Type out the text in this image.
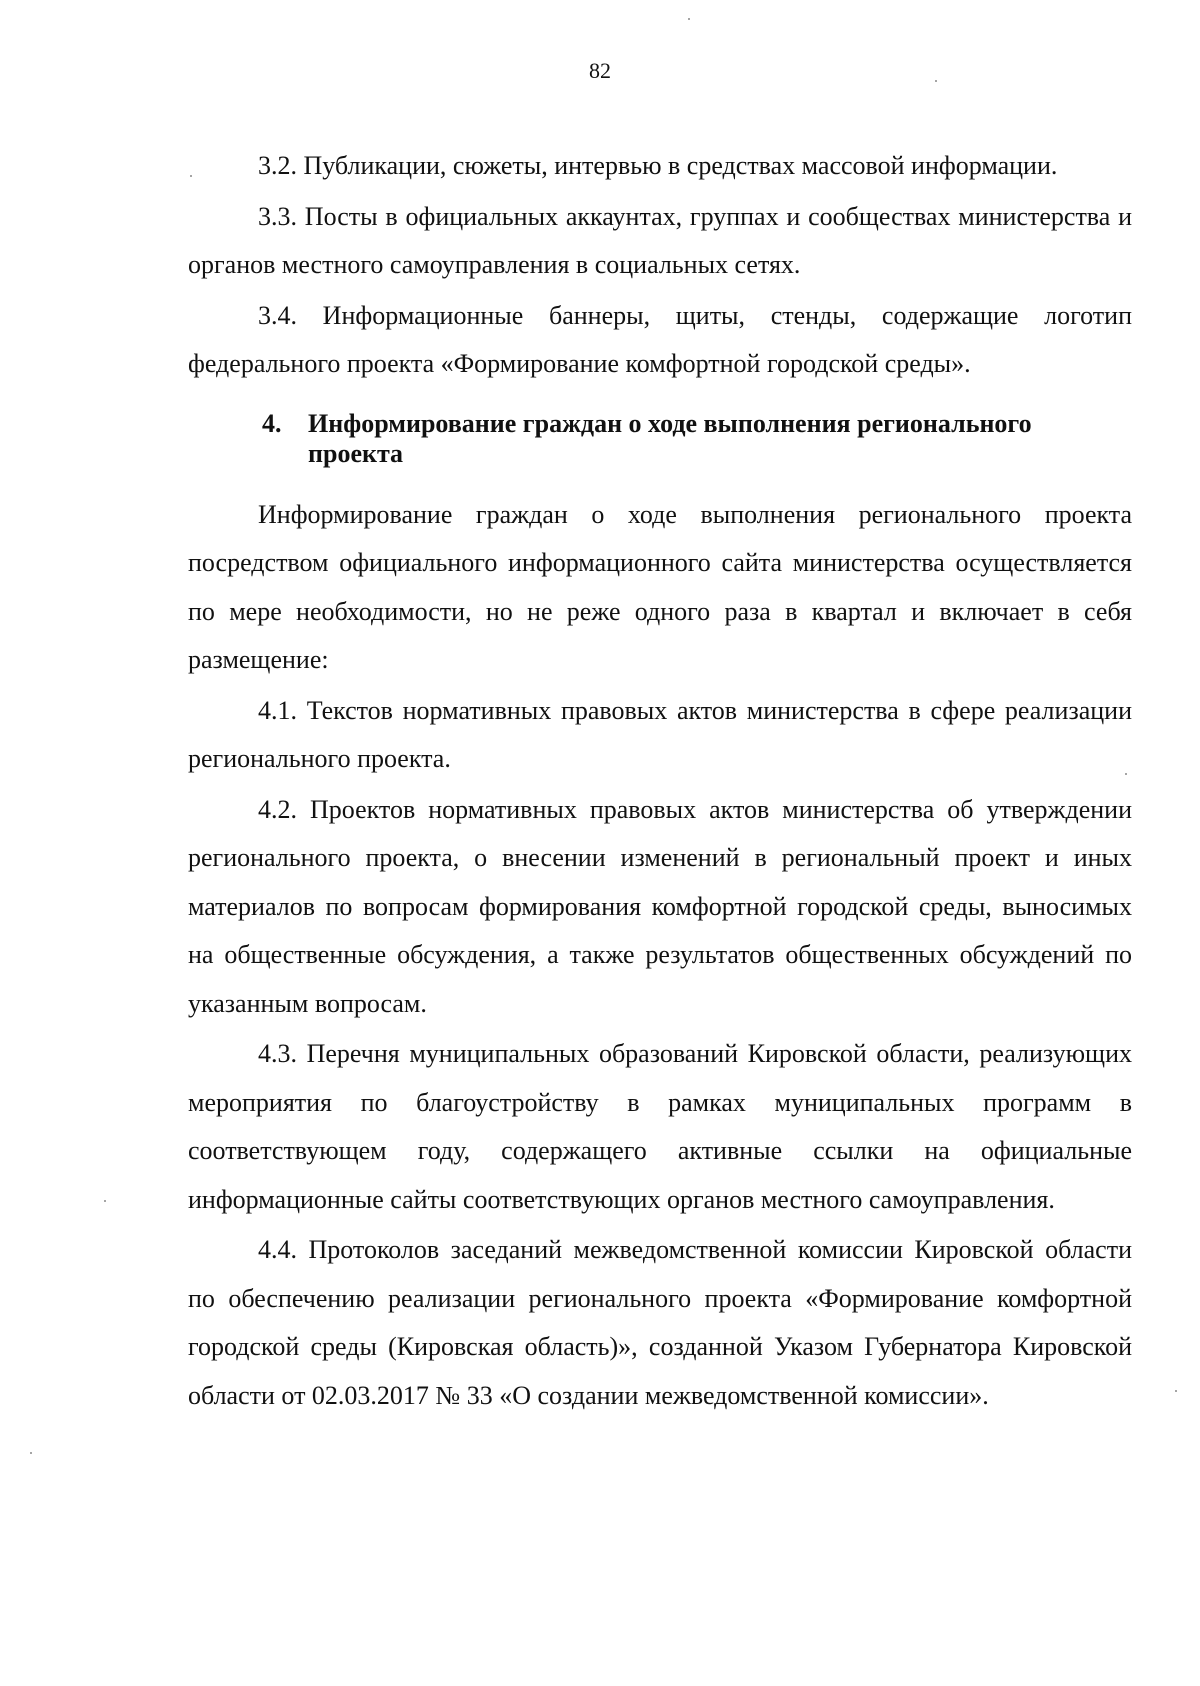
82

3.2. Публикации, сюжеты, интервью в средствах массовой информации.

3.3. Посты в официальных аккаунтах, группах и сообществах министерства и органов местного самоуправления в социальных сетях.

3.4. Информационные баннеры, щиты, стенды, содержащие логотип федерального проекта «Формирование комфортной городской среды».

4. Информирование граждан о ходе выполнения регионального проекта

Информирование граждан о ходе выполнения регионального проекта посредством официального информационного сайта министерства осуществляется по мере необходимости, но не реже одного раза в квартал и включает в себя размещение:

4.1. Текстов нормативных правовых актов министерства в сфере реализации регионального проекта.

4.2. Проектов нормативных правовых актов министерства об утверждении регионального проекта, о внесении изменений в региональный проект и иных материалов по вопросам формирования комфортной городской среды, выносимых на общественные обсуждения, а также результатов общественных обсуждений по указанным вопросам.

4.3. Перечня муниципальных образований Кировской области, реализующих мероприятия по благоустройству в рамках муниципальных программ в соответствующем году, содержащего активные ссылки на официальные информационные сайты соответствующих органов местного самоуправления.

4.4. Протоколов заседаний межведомственной комиссии Кировской области по обеспечению реализации регионального проекта «Формирование комфортной городской среды (Кировская область)», созданной Указом Губернатора Кировской области от 02.03.2017 № 33 «О создании межведомственной комиссии».
